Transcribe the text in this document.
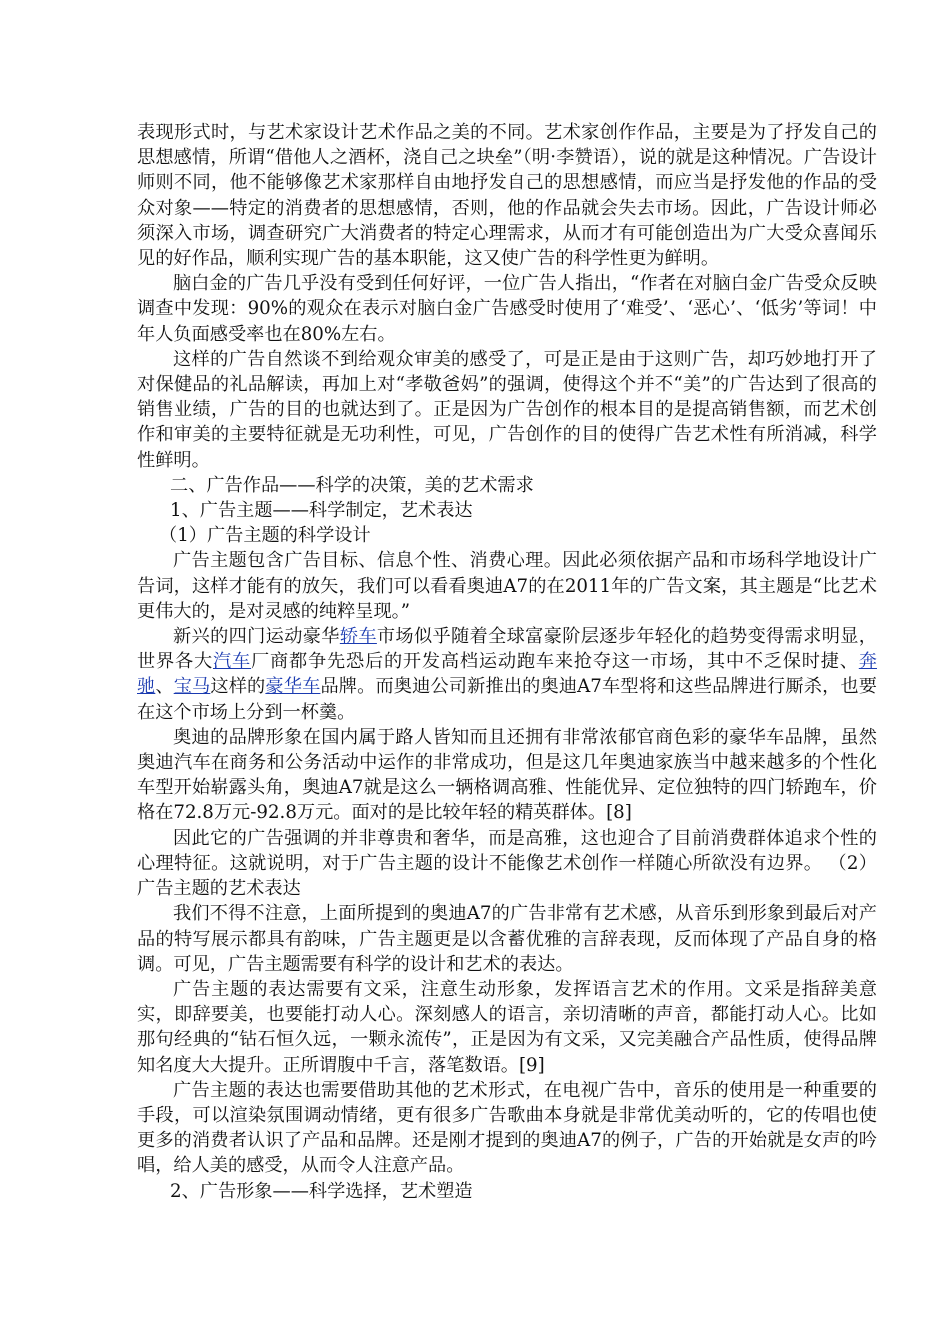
表现形式时，与艺术家设计艺术作品之美的不同。艺术家创作作品，主要是为了抒发自己的思想感情，所谓“借他人之酒杯，浇自己之块垒”（明·李赞语），说的就是这种情况。广告设计师则不同，他不能够像艺术家那样自由地抒发自己的思想感情，而应当是抒发他的作品的受众对象——特定的消费者的思想感情，否则，他的作品就会失去市场。因此，广告设计师必须深入市场，调查研究广大消费者的特定心理需求，从而才有可能创造出为广大受众喜闻乐见的好作品，顺利实现广告的基本职能，这又使广告的科学性更为鲜明。

脑白金的广告几乎没有受到任何好评，一位广告人指出，“作者在对脑白金广告受众反映调查中发现：90%的观众在表示对脑白金广告感受时使用了‘难受’、‘恶心’、‘低劣’等词！中年人负面感受率也在80%左右。

这样的广告自然谈不到给观众审美的感受了，可是正是由于这则广告，却巧妙地打开了对保健品的礼品解读，再加上对“孝敬爸妈”的强调，使得这个并不“美”的广告达到了很高的销售业绩，广告的目的也就达到了。正是因为广告创作的根本目的是提高销售额，而艺术创作和审美的主要特征就是无功利性，可见，广告创作的目的使得广告艺术性有所消减，科学性鲜明。

二、广告作品——科学的决策，美的艺术需求

1、广告主题——科学制定，艺术表达

（1）广告主题的科学设计

广告主题包含广告目标、信息个性、消费心理。因此必须依据产品和市场科学地设计广告词，这样才能有的放矢，我们可以看看奥迪A7的在2011年的广告文案，其主题是“比艺术更伟大的，是对灵感的纯粹呈现。”

新兴的四门运动豪华轿车市场似乎随着全球富豪阶层逐步年轻化的趋势变得需求明显，世界各大汽车厂商都争先恐后的开发高档运动跑车来抢夺这一市场，其中不乏保时捷、奔驰、宝马这样的豪华车品牌。而奥迪公司新推出的奥迪A7车型将和这些品牌进行厮杀，也要在这个市场上分到一杯羹。

奥迪的品牌形象在国内属于路人皆知而且还拥有非常浓郁官商色彩的豪华车品牌，虽然奥迪汽车在商务和公务活动中运作的非常成功，但是这几年奥迪家族当中越来越多的个性化车型开始崭露头角，奥迪A7就是这么一辆格调高雅、性能优异、定位独特的四门轿跑车，价格在72.8万元-92.8万元。面对的是比较年轻的精英群体。[8]

因此它的广告强调的并非尊贵和奢华，而是高雅，这也迎合了目前消费群体追求个性的心理特征。这就说明，对于广告主题的设计不能像艺术创作一样随心所欲没有边界。 （2）广告主题的艺术表达

我们不得不注意，上面所提到的奥迪A7的广告非常有艺术感，从音乐到形象到最后对产品的特写展示都具有韵味，广告主题更是以含蓄优雅的言辞表现，反而体现了产品自身的格调。可见，广告主题需要有科学的设计和艺术的表达。

广告主题的表达需要有文采，注意生动形象，发挥语言艺术的作用。文采是指辞美意实，即辞要美，也要能打动人心。深刻感人的语言，亲切清晰的声音，都能打动人心。比如那句经典的“钻石恒久远，一颗永流传”，正是因为有文采，又完美融合产品性质，使得品牌知名度大大提升。正所谓腹中千言，落笔数语。[9]

广告主题的表达也需要借助其他的艺术形式，在电视广告中，音乐的使用是一种重要的手段，可以渲染氛围调动情绪，更有很多广告歌曲本身就是非常优美动听的，它的传唱也使更多的消费者认识了产品和品牌。还是刚才提到的奥迪A7的例子，广告的开始就是女声的吟唱，给人美的感受，从而令人注意产品。

2、广告形象——科学选择，艺术塑造
